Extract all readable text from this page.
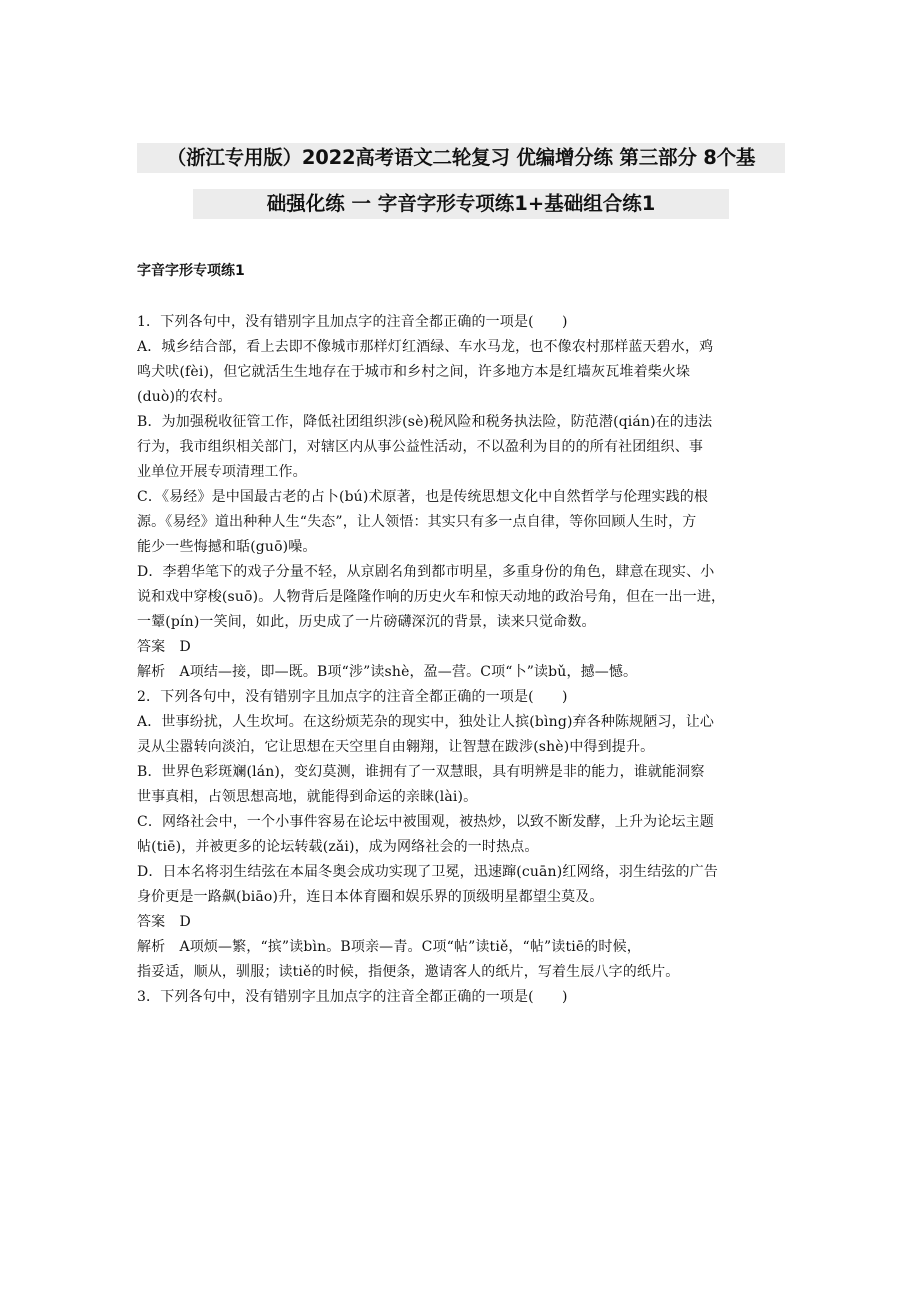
（浙江专用版）2022高考语文二轮复习 优编增分练 第三部分 8个基
础强化练 一 字音字形专项练1+基础组合练1
字音字形专项练1

1．下列各句中，没有错别字且加点字的注音全都正确的一项是(　　)

A．城乡结合部，看上去即不像城市那样灯红酒绿、车水马龙，也不像农村那样蓝天碧水，鸡

鸣犬吠(fèi)，但它就活生生地存在于城市和乡村之间，许多地方本是红墙灰瓦堆着柴火垛

(duò)的农村。

B．为加强税收征管工作，降低社团组织涉(sè)税风险和税务执法险，防范潜(qián)在的违法

行为，我市组织相关部门，对辖区内从事公益性活动，不以盈利为目的的所有社团组织、事

业单位开展专项清理工作。

C．《易经》是中国最古老的占卜(bú)术原著，也是传统思想文化中自然哲学与伦理实践的根

源。《易经》道出种种人生“失态”，让人领悟：其实只有多一点自律，等你回顾人生时，方

能少一些悔撼和聒(guō)噪。

D．李碧华笔下的戏子分量不轻，从京剧名角到都市明星，多重身份的角色，肆意在现实、小

说和戏中穿梭(suō)。人物背后是隆隆作响的历史火车和惊天动地的政治号角，但在一出一进，

一颦(pín)一笑间，如此，历史成了一片磅礴深沉的背景，读来只觉命数。

答案　D

解析　A项结—接，即—既。B项“涉”读shè，盈—营。C项“卜”读bǔ，撼—憾。

2．下列各句中，没有错别字且加点字的注音全都正确的一项是(　　)

A．世事纷扰，人生坎坷。在这纷烦芜杂的现实中，独处让人摈(bìng)弃各种陈规陋习，让心

灵从尘嚣转向淡泊，它让思想在天空里自由翱翔，让智慧在跋涉(shè)中得到提升。

B．世界色彩斑斓(lán)，变幻莫测，谁拥有了一双慧眼，具有明辨是非的能力，谁就能洞察

世事真相，占领思想高地，就能得到命运的亲睐(lài)。

C．网络社会中，一个小事件容易在论坛中被围观，被热炒，以致不断发酵，上升为论坛主题

帖(tiē)，并被更多的论坛转载(zǎi)，成为网络社会的一时热点。

D．日本名将羽生结弦在本届冬奥会成功实现了卫冕，迅速蹿(cuān)红网络，羽生结弦的广告

身价更是一路飙(biāo)升，连日本体育圈和娱乐界的顶级明星都望尘莫及。

答案　D

解析　A项烦—繁，“摈”读bìn。B项亲—青。C项“帖”读tiě，“帖”读tiē的时候，

指妥适，顺从，驯服；读tiě的时候，指便条，邀请客人的纸片，写着生辰八字的纸片。

3．下列各句中，没有错别字且加点字的注音全都正确的一项是(　　)
